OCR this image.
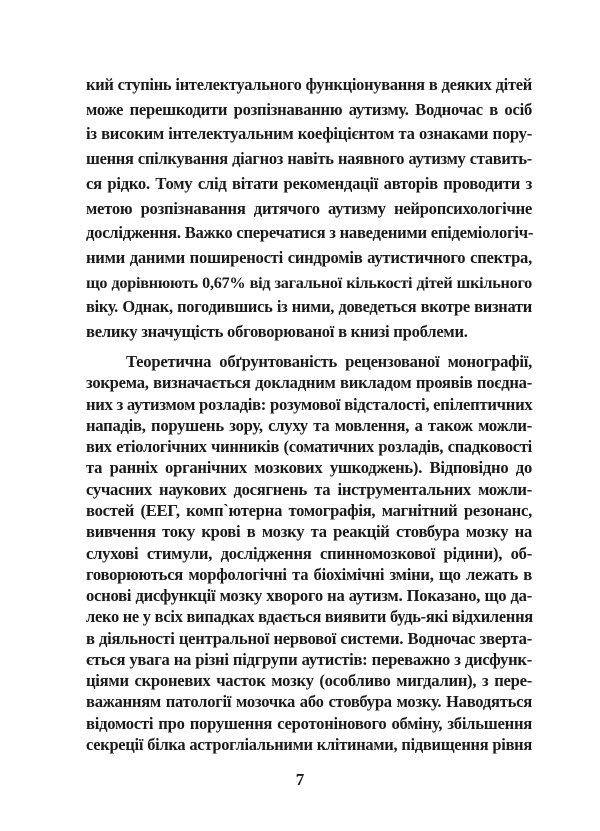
кий ступінь інтелектуального функціонування в деяких дітей
може перешкодити розпізнаванню аутизму. Водночас в осіб
із високим інтелектуальним коефіцієнтом та ознаками пору-
шення спілкування діагноз навіть наявного аутизму ставить-
ся рідко. Тому слід вітати рекомендації авторів проводити з
метою розпізнавання дитячого аутизму нейропсихологічне
дослідження. Важко сперечатися з наведеними епідеміологіч-
ними даними поширеності синдромів аутистичного спектра,
що дорівнюють 0,67% від загальної кількості дітей шкільного
віку. Однак, погодившись із ними, доведеться вкотре визнати
велику значущість обговорюваної в книзі проблеми.
Теоретична обґрунтованість рецензованої монографії,
зокрема, визначається докладним викладом проявів поєдна-
них з аутизмом розладів: розумової відсталості, епілептичних
нападів, порушень зору, слуху та мовлення, а також можли-
вих етіологічних чинників (соматичних розладів, спадковості
та ранніх органічних мозкових ушкоджень). Відповідно до
сучасних наукових досягнень та інструментальних можли-
востей (ЕЕГ, комп`ютерна томографія, магнітний резонанс,
вивчення току крові в мозку та реакцій стовбура мозку на
слухові стимули, дослідження спинномозкової рідини), об-
говорюються морфологічні та біохімічні зміни, що лежать в
основі дисфункції мозку хворого на аутизм. Показано, що да-
леко не у всіх випадках вдається виявити будь-які відхилення
в діяльності центральної нервової системи. Водночас зверта-
ється увага на різні підгрупи аутистів: переважно з дисфунк-
ціями скроневих часток мозку (особливо мигдалин), з пере-
важанням патології мозочка або стовбура мозку. Наводяться
відомості про порушення серотонінового обміну, збільшення
секреції білка астрогліальними клітинами, підвищення рівня
7
